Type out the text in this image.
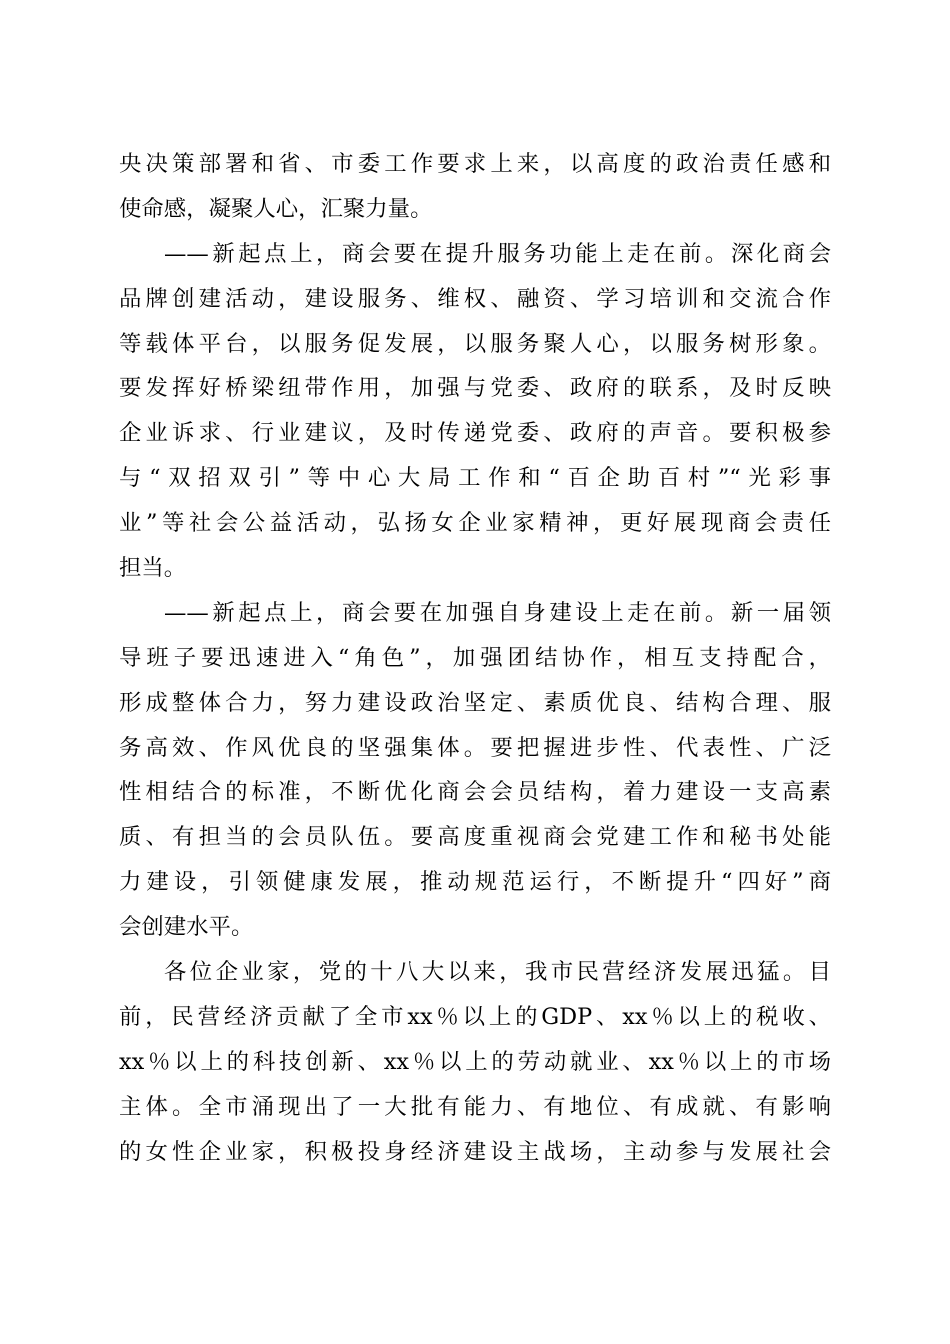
央决策部署和省、市委工作要求上来，以高度的政治责任感和
使命感，凝聚人心，汇聚力量。
——新起点上，商会要在提升服务功能上走在前。深化商会
品牌创建活动，建设服务、维权、融资、学习培训和交流合作
等载体平台，以服务促发展，以服务聚人心，以服务树形象。
要发挥好桥梁纽带作用，加强与党委、政府的联系，及时反映
企业诉求、行业建议，及时传递党委、政府的声音。要积极参
与“双招双引”等中心大局工作和“百企助百村”“光彩事
业”等社会公益活动，弘扬女企业家精神，更好展现商会责任
担当。
——新起点上，商会要在加强自身建设上走在前。新一届领
导班子要迅速进入“角色”，加强团结协作，相互支持配合，
形成整体合力，努力建设政治坚定、素质优良、结构合理、服
务高效、作风优良的坚强集体。要把握进步性、代表性、广泛
性相结合的标准，不断优化商会会员结构，着力建设一支高素
质、有担当的会员队伍。要高度重视商会党建工作和秘书处能
力建设，引领健康发展，推动规范运行，不断提升“四好”商
会创建水平。
各位企业家，党的十八大以来，我市民营经济发展迅猛。目
前，民营经济贡献了全市xx％以上的GDP、xx％以上的税收、
xx％以上的科技创新、xx％以上的劳动就业、xx％以上的市场
主体。全市涌现出了一大批有能力、有地位、有成就、有影响
的女性企业家，积极投身经济建设主战场，主动参与发展社会
